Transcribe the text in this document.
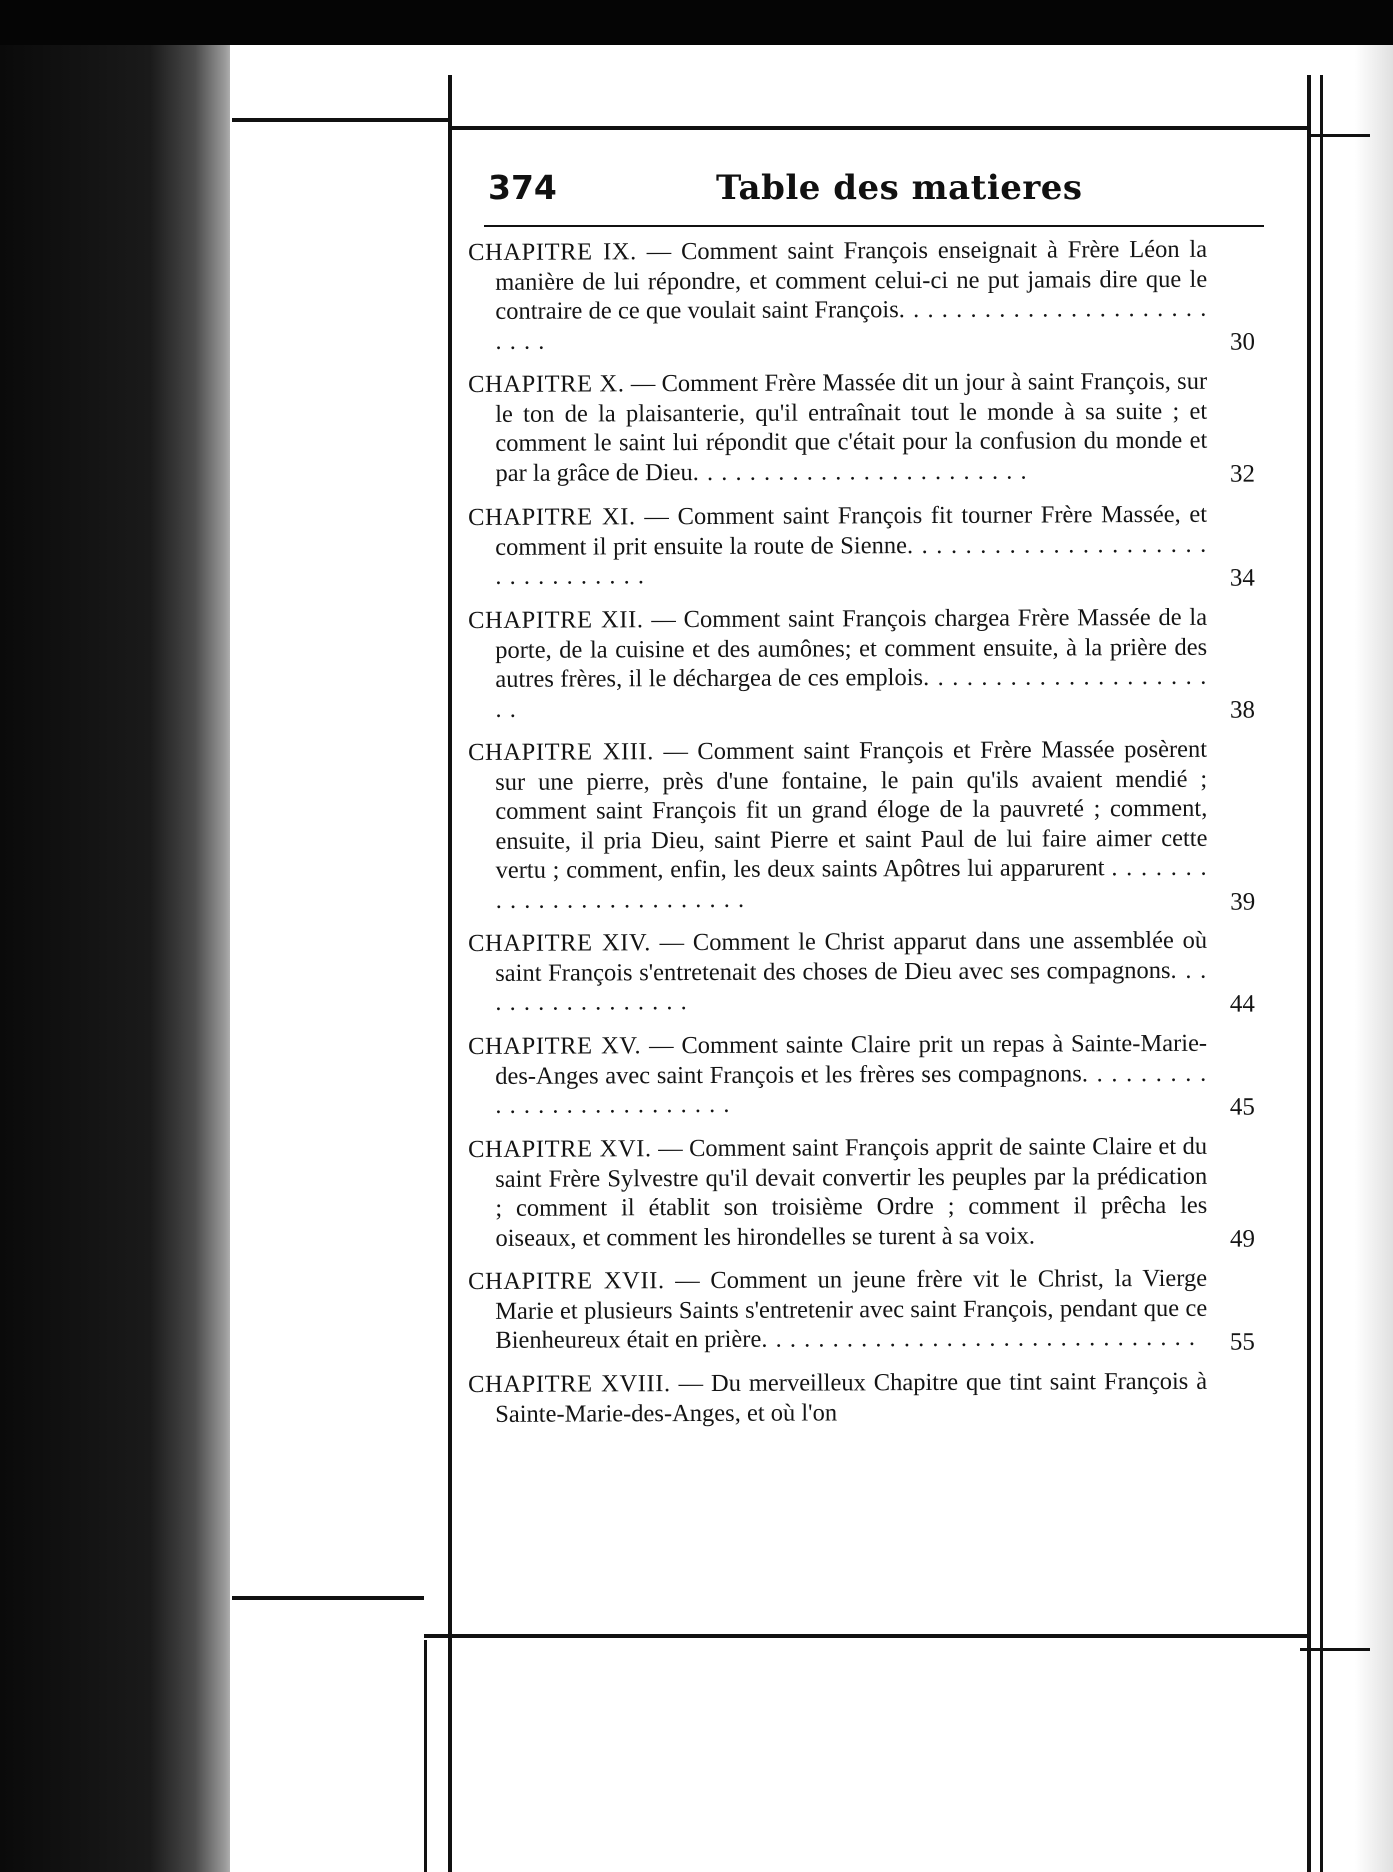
374	Table des matieres
CHAPITRE IX. — Comment saint François enseignait à Frère Léon la manière de lui répondre, et comment celui-ci ne put jamais dire que le contraire de ce que voulait saint François. . . . . . . . . . . . . . . . . . . . . . . . . .	30
CHAPITRE X. — Comment Frère Massée dit un jour à saint François, sur le ton de la plaisanterie, qu'il entraînait tout le monde à sa suite ; et comment le saint lui répondit que c'était pour la confusion du monde et par la grâce de Dieu. . . . . . . . . . . . . . . . . . . . . . . .	32
CHAPITRE XI. — Comment saint François fit tourner Frère Massée, et comment il prit ensuite la route de Sienne. . . . . . . . . . . . . . . . . . . . . . . . . . . . . . . .	34
CHAPITRE XII. — Comment saint François chargea Frère Massée de la porte, de la cuisine et des aumônes; et comment ensuite, à la prière des autres frères, il le déchargea de ces emplois. . . . . . . . . . . . . . . . . . . . . .	38
CHAPITRE XIII. — Comment saint François et Frère Massée posèrent sur une pierre, près d'une fontaine, le pain qu'ils avaient mendié ; comment saint François fit un grand éloge de la pauvreté ; comment, ensuite, il pria Dieu, saint Pierre et saint Paul de lui faire aimer cette vertu ; comment, enfin, les deux saints Apôtres lui apparurent . . . . . . . . . . . . . . . . . . . . . . . . .	39
CHAPITRE XIV. — Comment le Christ apparut dans une assemblée où saint François s'entretenait des choses de Dieu avec ses compagnons. . . . . . . . . . . . . . . . .	44
CHAPITRE XV. — Comment sainte Claire prit un repas à Sainte-Marie-des-Anges avec saint François et les frères ses compagnons. . . . . . . . . . . . . . . . . . . . . . . . . .	45
CHAPITRE XVI. — Comment saint François apprit de sainte Claire et du saint Frère Sylvestre qu'il devait convertir les peuples par la prédication ; comment il établit son troisième Ordre ; comment il prêcha les oiseaux, et comment les hirondelles se turent à sa voix.	49
CHAPITRE XVII. — Comment un jeune frère vit le Christ, la Vierge Marie et plusieurs Saints s'entretenir avec saint François, pendant que ce Bienheureux était en prière. . . . . . . . . . . . . . . . . . . . . . . . . . . . . . .	55
CHAPITRE XVIII. — Du merveilleux Chapitre que tint saint François à Sainte-Marie-des-Anges, et où l'on
